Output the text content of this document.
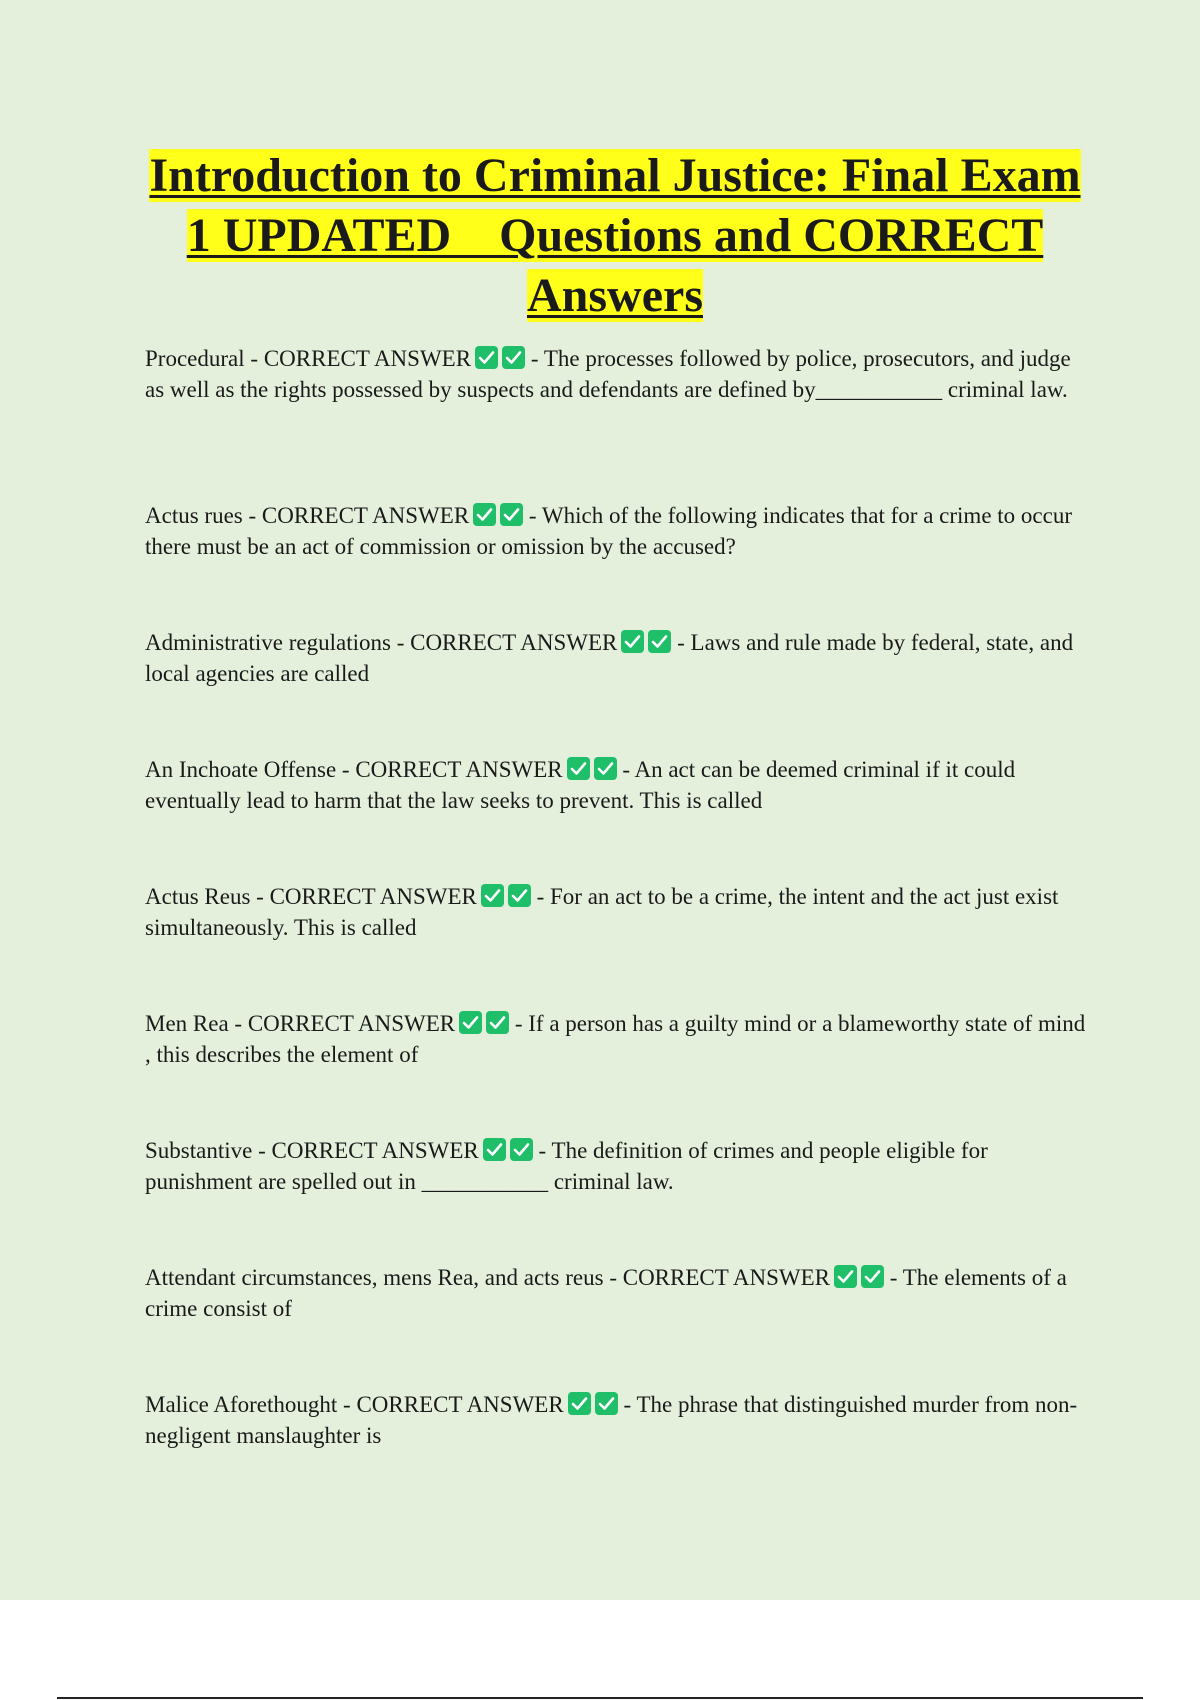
Introduction to Criminal Justice: Final Exam
1 UPDATED    Questions and CORRECT
Answers

Procedural - CORRECT ANSWER
- The processes followed by police, prosecutors, and judge as well as the rights possessed by suspects and defendants are defined by___________ criminal law.

Actus rues - CORRECT ANSWER
- Which of the following indicates that for a crime to occur there must be an act of commission or omission by the accused?

Administrative regulations - CORRECT ANSWER
- Laws and rule made by federal, state, and local agencies are called

An Inchoate Offense - CORRECT ANSWER
- An act can be deemed criminal if it could eventually lead to harm that the law seeks to prevent. This is called

Actus Reus - CORRECT ANSWER
- For an act to be a crime, the intent and the act just exist simultaneously. This is called

Men Rea - CORRECT ANSWER
- If a person has a guilty mind or a blameworthy state of mind , this describes the element of

Substantive - CORRECT ANSWER
- The definition of crimes and people eligible for punishment are spelled out in ___________ criminal law.

Attendant circumstances, mens Rea, and acts reus - CORRECT ANSWER
- The elements of a crime consist of

Malice Aforethought - CORRECT ANSWER
- The phrase that distinguished murder from non-negligent manslaughter is
